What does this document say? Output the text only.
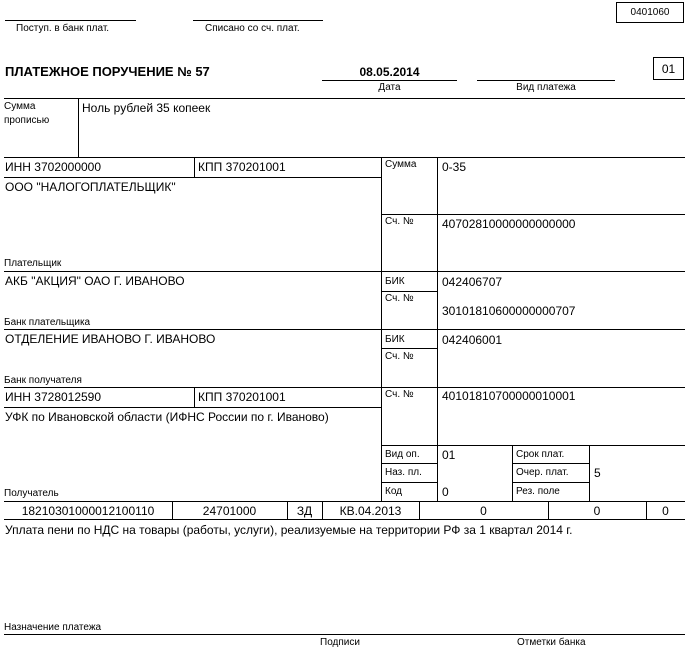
Поступ. в банк плат.	Списано со сч. плат.
0401060
ПЛАТЕЖНОЕ ПОРУЧЕНИЕ № 57	08.05.2014
Дата	Вид платежа
01
Сумма
прописью
Ноль рублей 35 копеек
ИНН 3702000000	КПП 370201001
ООО "НАЛОГОПЛАТЕЛЬЩИК"
Плательщик
Сумма 0-35
Сч. № 40702810000000000000
АКБ "АКЦИЯ" ОАО Г. ИВАНОВО
Банк плательщика
БИК	042406707
Сч. №
30101810600000000707
ОТДЕЛЕНИЕ ИВАНОВО Г. ИВАНОВО
Банк получателя
БИК	042406001
Сч. №
ИНН 3728012590	КПП 370201001
УФК по Ивановской области (ИФНС России по г. Иваново)
Получатель
Сч. № 40101810700000010001
Вид оп. 01
Наз. пл.
Код	0
Срок плат.
Очер. плат. 5
Рез. поле
18210301000012100110	24701000	ЗД	КВ.04.2013	0	0	0
Уплата пени по НДС на товары (работы, услуги), реализуемые на территории РФ за 1 квартал 2014 г.
Назначение платежа
Подписи	Отметки банка
